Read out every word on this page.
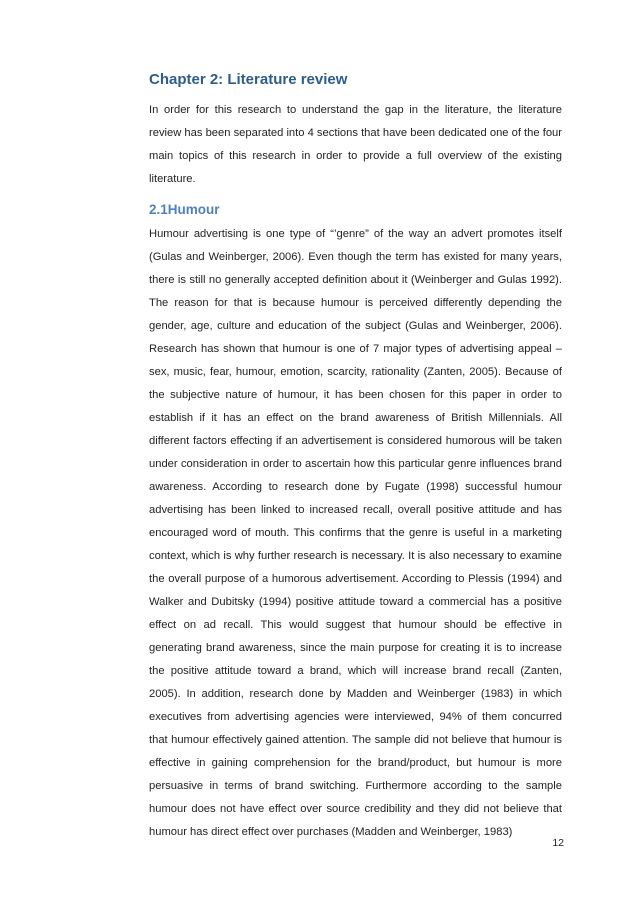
Chapter 2: Literature review

In order for this research to understand the gap in the literature, the literature review has been separated into 4 sections that have been dedicated one of the four main topics of this research in order to provide a full overview of the existing literature.

2.1Humour

Humour advertising is one type of “’genre” of the way an advert promotes itself (Gulas and Weinberger, 2006). Even though the term has existed for many years, there is still no generally accepted definition about it (Weinberger and Gulas 1992). The reason for that is because humour is perceived differently depending the gender, age, culture and education of the subject (Gulas and Weinberger, 2006). Research has shown that humour is one of 7 major types of advertising appeal – sex, music, fear, humour, emotion, scarcity, rationality (Zanten, 2005). Because of the subjective nature of humour, it has been chosen for this paper in order to establish if it has an effect on the brand awareness of British Millennials. All different factors effecting if an advertisement is considered humorous will be taken under consideration in order to ascertain how this particular genre influences brand awareness. According to research done by Fugate (1998) successful humour advertising has been linked to increased recall, overall positive attitude and has encouraged word of mouth. This confirms that the genre is useful in a marketing context, which is why further research is necessary. It is also necessary to examine the overall purpose of a humorous advertisement. According to Plessis (1994) and Walker and Dubitsky (1994) positive attitude toward a commercial has a positive effect on ad recall. This would suggest that humour should be effective in generating brand awareness, since the main purpose for creating it is to increase the positive attitude toward a brand, which will increase brand recall (Zanten, 2005). In addition, research done by Madden and Weinberger (1983) in which executives from advertising agencies were interviewed, 94% of them concurred that humour effectively gained attention. The sample did not believe that humour is effective in gaining comprehension for the brand/product, but humour is more persuasive in terms of brand switching. Furthermore according to the sample humour does not have effect over source credibility and they did not believe that humour has direct effect over purchases (Madden and Weinberger, 1983)

12
